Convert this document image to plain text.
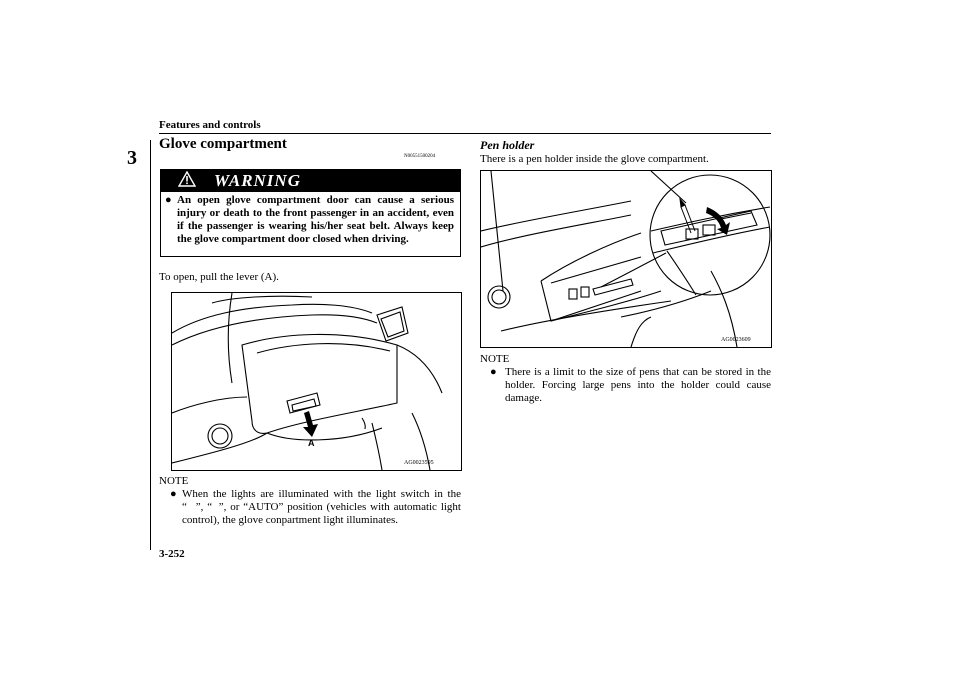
Features and controls
3
Glove compartment
N00551500204
WARNING
● An open glove compartment door can cause a serious injury or death to the front passenger in an accident, even if the passenger is wearing his/her seat belt. Always keep the glove compartment door closed when driving.
To open, pull the lever (A).
A
AG0023595
NOTE
● When the lights are illuminated with the light switch in the “    ”, “   ”, or “AUTO” position (vehicles with automatic light control), the glove conpartment light illuminates.
Pen holder
There is a pen holder inside the glove compartment.
AG0023609
NOTE
● There is a limit to the size of pens that can be stored in the holder. Forcing large pens into the holder could cause damage.
3-252
